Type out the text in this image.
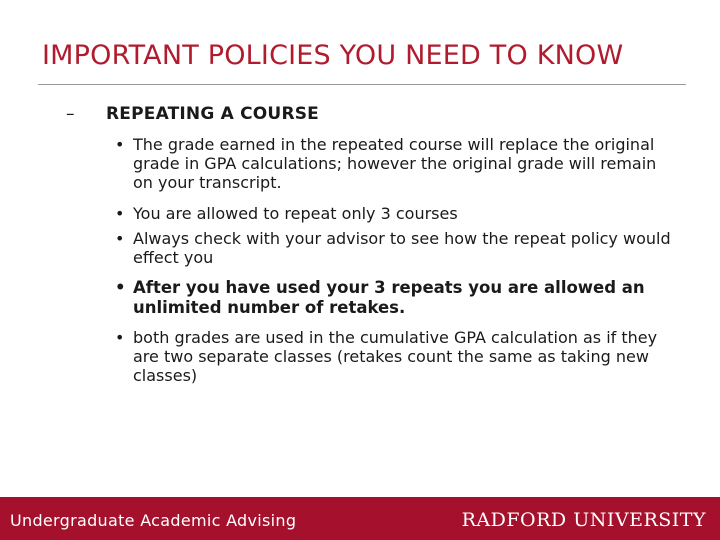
IMPORTANT POLICIES YOU NEED TO KNOW
– REPEATING A COURSE
• The grade earned in the repeated course will replace the original grade in GPA calculations; however the original grade will remain on your transcript.
• You are allowed to repeat only 3 courses
• Always check with your advisor to see how the repeat policy would effect you
• After you have used your 3 repeats you are allowed an unlimited number of retakes.
• both grades are used in the cumulative GPA calculation as if they are two separate classes (retakes count the same as taking new classes)
Undergraduate Academic Advising	RADFORD UNIVERSITY
